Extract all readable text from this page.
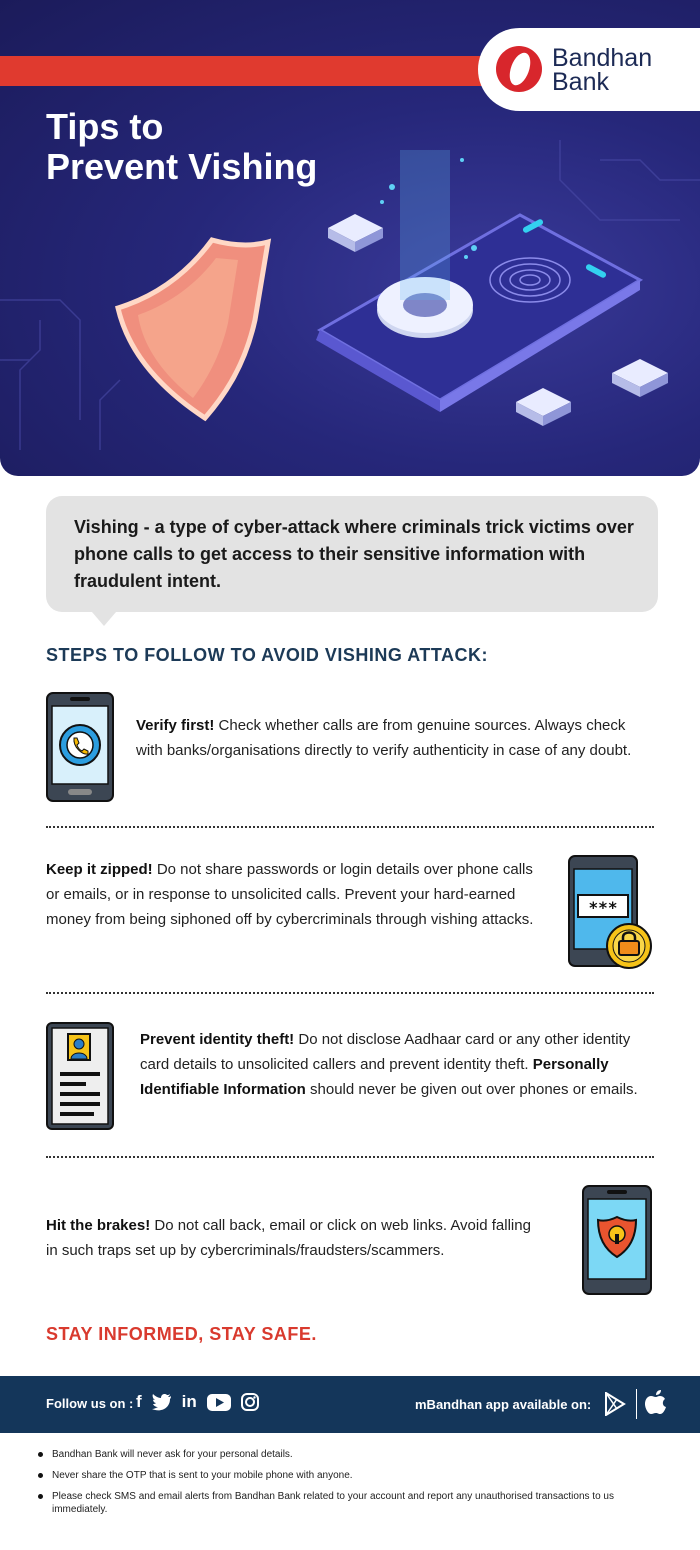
Bandhan
Bank
Tips to
Prevent Vishing
Vishing - a type of cyber-attack where criminals trick victims over phone calls to get access to their sensitive information with fraudulent intent.
STEPS TO FOLLOW TO AVOID VISHING ATTACK:
Verify first! Check whether calls are from genuine sources. Always check with banks/organisations directly to verify authenticity in case of any doubt.
Keep it zipped! Do not share passwords or login details over phone calls or emails, or in response to unsolicited calls. Prevent your hard-earned money from being siphoned off by cybercriminals through vishing attacks.
***
Prevent identity theft! Do not disclose Aadhaar card or any other identity card details to unsolicited callers and prevent identity theft. Personally Identifiable Information should never be given out over phones or emails.
Hit the brakes! Do not call back, email or click on web links. Avoid falling in such traps set up by cybercriminals/fraudsters/scammers.
STAY INFORMED, STAY SAFE.
Follow us on : f in	mBandhan app available on:
Bandhan Bank will never ask for your personal details.
Never share the OTP that is sent to your mobile phone with anyone.
Please check SMS and email alerts from Bandhan Bank related to your account and report any unauthorised transactions to us immediately.
